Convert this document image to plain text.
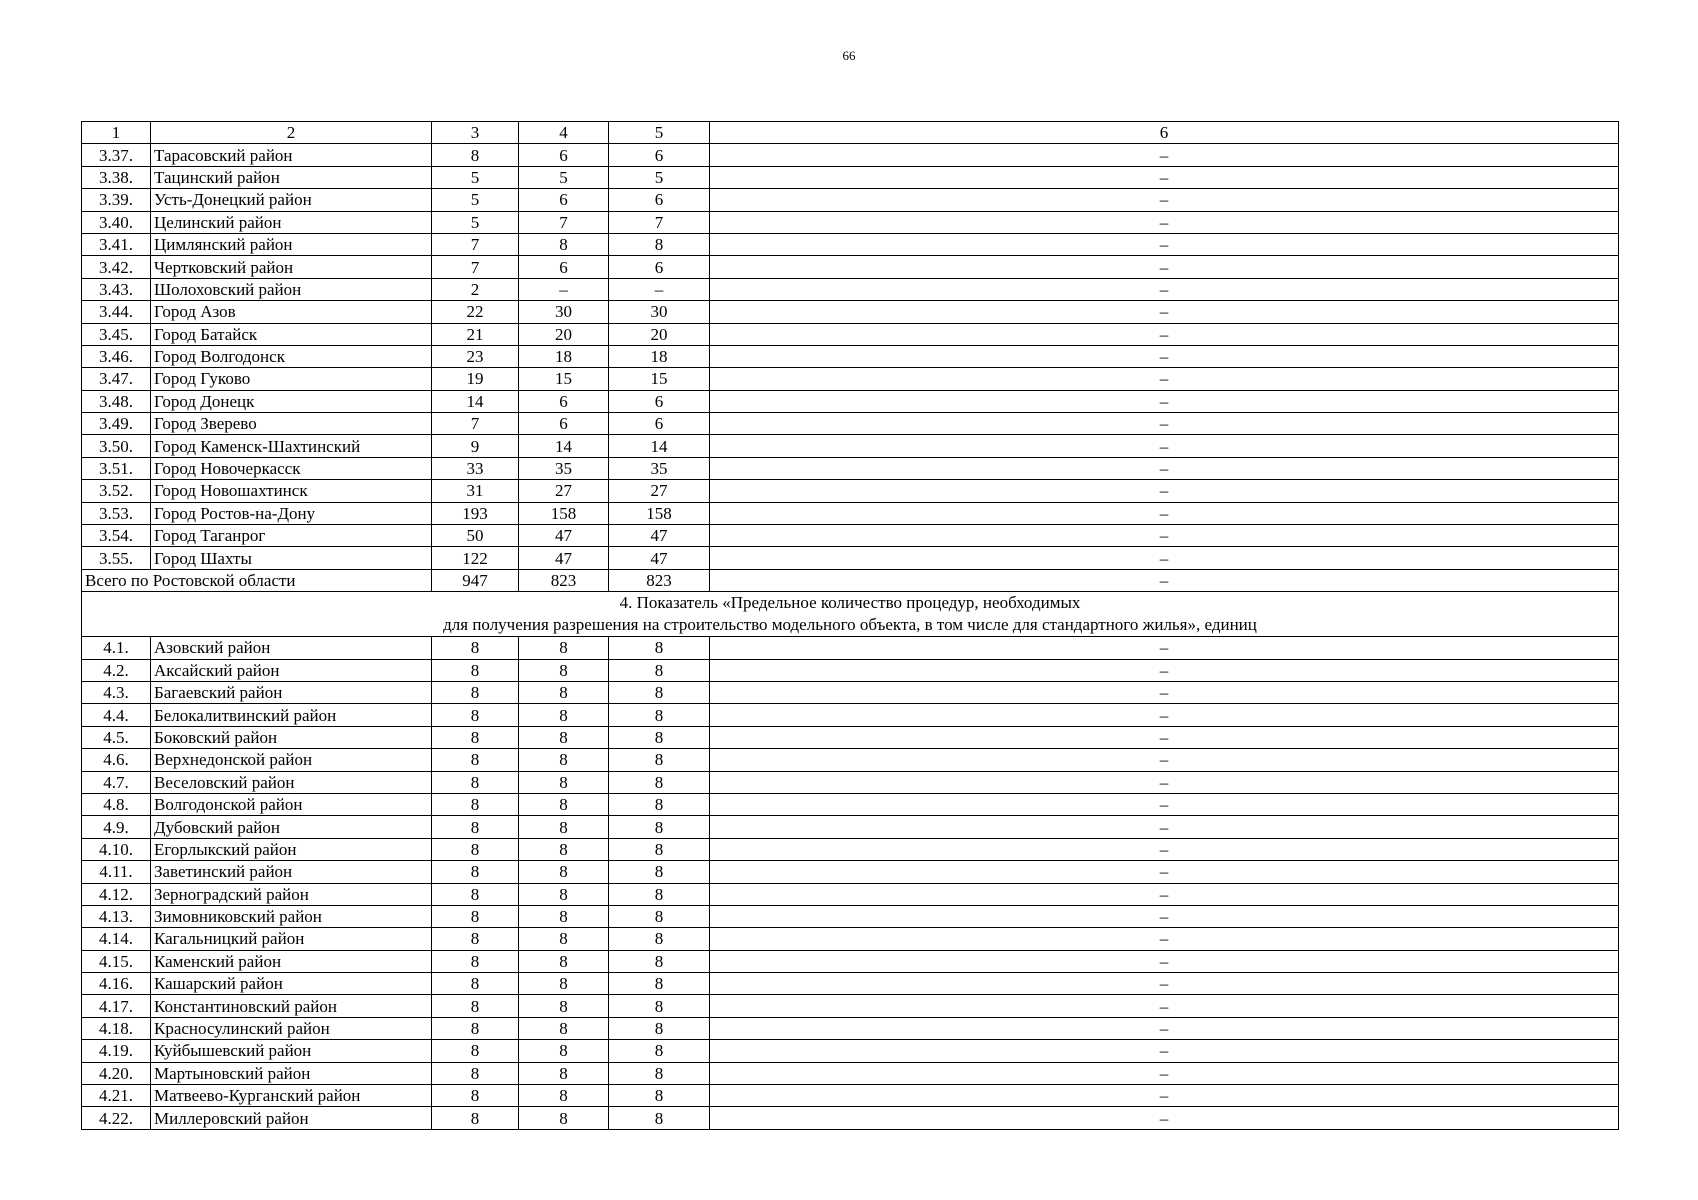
66
1	2	3	4	5	6
3.37.	Тарасовский район	8	6	6	–
3.38.	Тацинский район	5	5	5	–
3.39.	Усть-Донецкий район	5	6	6	–
3.40.	Целинский район	5	7	7	–
3.41.	Цимлянский район	7	8	8	–
3.42.	Чертковский район	7	6	6	–
3.43.	Шолоховский район	2	–	–	–
3.44.	Город Азов	22	30	30	–
3.45.	Город Батайск	21	20	20	–
3.46.	Город Волгодонск	23	18	18	–
3.47.	Город Гуково	19	15	15	–
3.48.	Город Донецк	14	6	6	–
3.49.	Город Зверево	7	6	6	–
3.50.	Город Каменск-Шахтинский	9	14	14	–
3.51.	Город Новочеркасск	33	35	35	–
3.52.	Город Новошахтинск	31	27	27	–
3.53.	Город Ростов-на-Дону	193	158	158	–
3.54.	Город Таганрог	50	47	47	–
3.55.	Город Шахты	122	47	47	–
Всего по Ростовской области		947	823	823	–

4. Показатель «Предельное количество процедур, необходимых
для получения разрешения на строительство модельного объекта, в том числе для стандартного жилья», единиц					

4.1.	Азовский район	8	8	8	–
4.2.	Аксайский район	8	8	8	–
4.3.	Багаевский район	8	8	8	–
4.4.	Белокалитвинский район	8	8	8	–
4.5.	Боковский район	8	8	8	–
4.6.	Верхнедонской район	8	8	8	–
4.7.	Веселовский район	8	8	8	–
4.8.	Волгодонской район	8	8	8	–
4.9.	Дубовский район	8	8	8	–
4.10.	Егорлыкский район	8	8	8	–
4.11.	Заветинский район	8	8	8	–
4.12.	Зерноградский район	8	8	8	–
4.13.	Зимовниковский район	8	8	8	–
4.14.	Кагальницкий район	8	8	8	–
4.15.	Каменский район	8	8	8	–
4.16.	Кашарский район	8	8	8	–
4.17.	Константиновский район	8	8	8	–
4.18.	Красносулинский район	8	8	8	–
4.19.	Куйбышевский район	8	8	8	–
4.20.	Мартыновский район	8	8	8	–
4.21.	Матвеево-Курганский район	8	8	8	–
4.22.	Миллеровский район	8	8	8	–
